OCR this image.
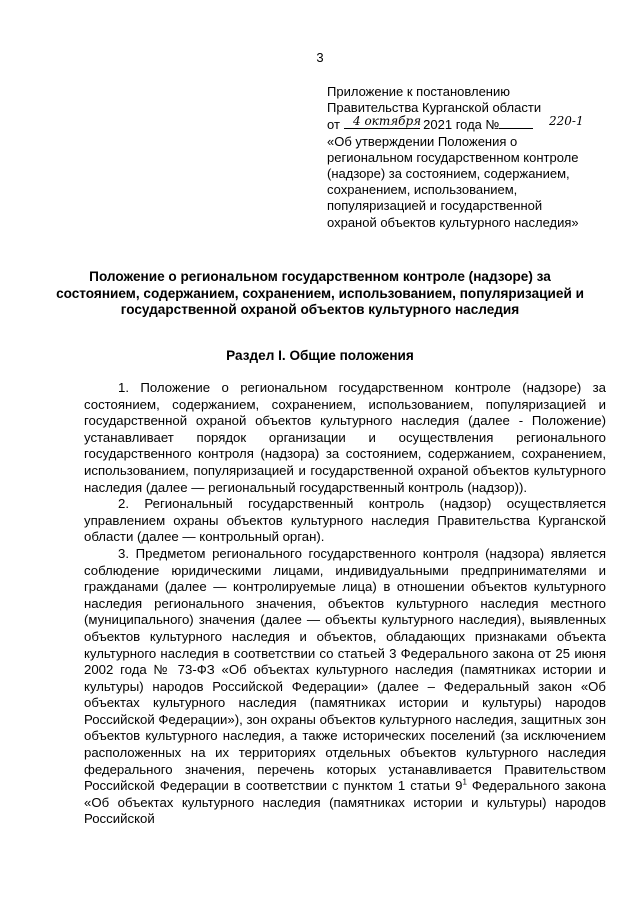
3
Приложение к постановлению
Правительства Курганской области
от 4 октября 2021 года №	220-1
«Об утверждении Положения о
региональном государственном контроле
(надзоре) за состоянием, содержанием,
сохранением, использованием,
популяризацией и государственной
охраной объектов культурного наследия»
Положение о региональном государственном контроле (надзоре) за состоянием, содержанием, сохранением, использованием, популяризацией и государственной охраной объектов культурного наследия
Раздел I. Общие положения

1. Положение о региональном государственном контроле (надзоре) за состоянием, содержанием, сохранением, использованием, популяризацией и государственной охраной объектов культурного наследия (далее - Положение) устанавливает порядок организации и осуществления регионального государственного контроля (надзора) за состоянием, содержанием, сохранением, использованием, популяризацией и государственной охраной объектов культурного наследия (далее — региональный государственный контроль (надзор)).

2. Региональный государственный контроль (надзор) осуществляется управлением охраны объектов культурного наследия Правительства Курганской области (далее — контрольный орган).

3. Предметом регионального государственного контроля (надзора) является соблюдение юридическими лицами, индивидуальными предпринимателями и гражданами (далее — контролируемые лица) в отношении объектов культурного наследия регионального значения, объектов культурного наследия местного (муниципального) значения (далее — объекты культурного наследия), выявленных объектов культурного наследия и объектов, обладающих признаками объекта культурного наследия в соответствии со статьей 3 Федерального закона от 25 июня 2002 года № 73-ФЗ «Об объектах культурного наследия (памятниках истории и культуры) народов Российской Федерации» (далее – Федеральный закон «Об объектах культурного наследия (памятниках истории и культуры) народов Российской Федерации»), зон охраны объектов культурного наследия, защитных зон объектов культурного наследия, а также исторических поселений (за исключением расположенных на их территориях отдельных объектов культурного наследия федерального значения, перечень которых устанавливается Правительством Российской Федерации в соответствии с пунктом 1 статьи $9^1$ Федерального закона «Об объектах культурного наследия (памятниках истории и культуры) народов Российской
